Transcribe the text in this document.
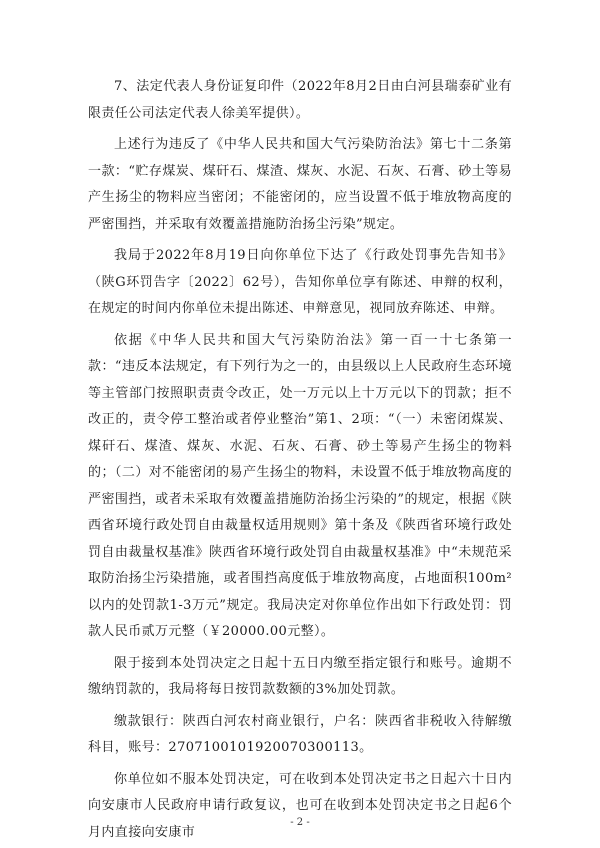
7、法定代表人身份证复印件（2022年8月2日由白河县瑞泰矿业有限责任公司法定代表人徐美军提供）。

上述行为违反了《中华人民共和国大气污染防治法》第七十二条第一款：“贮存煤炭、煤矸石、煤渣、煤灰、水泥、石灰、石膏、砂土等易产生扬尘的物料应当密闭；不能密闭的，应当设置不低于堆放物高度的严密围挡，并采取有效覆盖措施防治扬尘污染”规定。

我局于2022年8月19日向你单位下达了《行政处罚事先告知书》（陕G环罚告字〔2022〕62号），告知你单位享有陈述、申辩的权利，在规定的时间内你单位未提出陈述、申辩意见，视同放弃陈述、申辩。

依据《中华人民共和国大气污染防治法》第一百一十七条第一款：“违反本法规定，有下列行为之一的，由县级以上人民政府生态环境等主管部门按照职责责令改正，处一万元以上十万元以下的罚款；拒不改正的，责令停工整治或者停业整治”第1、2项：“（一）未密闭煤炭、煤矸石、煤渣、煤灰、水泥、石灰、石膏、砂土等易产生扬尘的物料的；（二）对不能密闭的易产生扬尘的物料，未设置不低于堆放物高度的严密围挡，或者未采取有效覆盖措施防治扬尘污染的”的规定，根据《陕西省环境行政处罚自由裁量权适用规则》第十条及《陕西省环境行政处罚自由裁量权基准》陕西省环境行政处罚自由裁量权基准》中“未规范采取防治扬尘污染措施，或者围挡高度低于堆放物高度，占地面积100m²以内的处罚款1-3万元”规定。我局决定对你单位作出如下行政处罚：罚款人民币贰万元整（￥20000.00元整）。

限于接到本处罚决定之日起十五日内缴至指定银行和账号。逾期不缴纳罚款的，我局将每日按罚款数额的3%加处罚款。

缴款银行：陕西白河农村商业银行，户名：陕西省非税收入待解缴科目，账号：2707100101920070300113。

你单位如不服本处罚决定，可在收到本处罚决定书之日起六十日内向安康市人民政府申请行政复议，也可在收到本处罚决定书之日起6个月内直接向安康市

- 2 -
